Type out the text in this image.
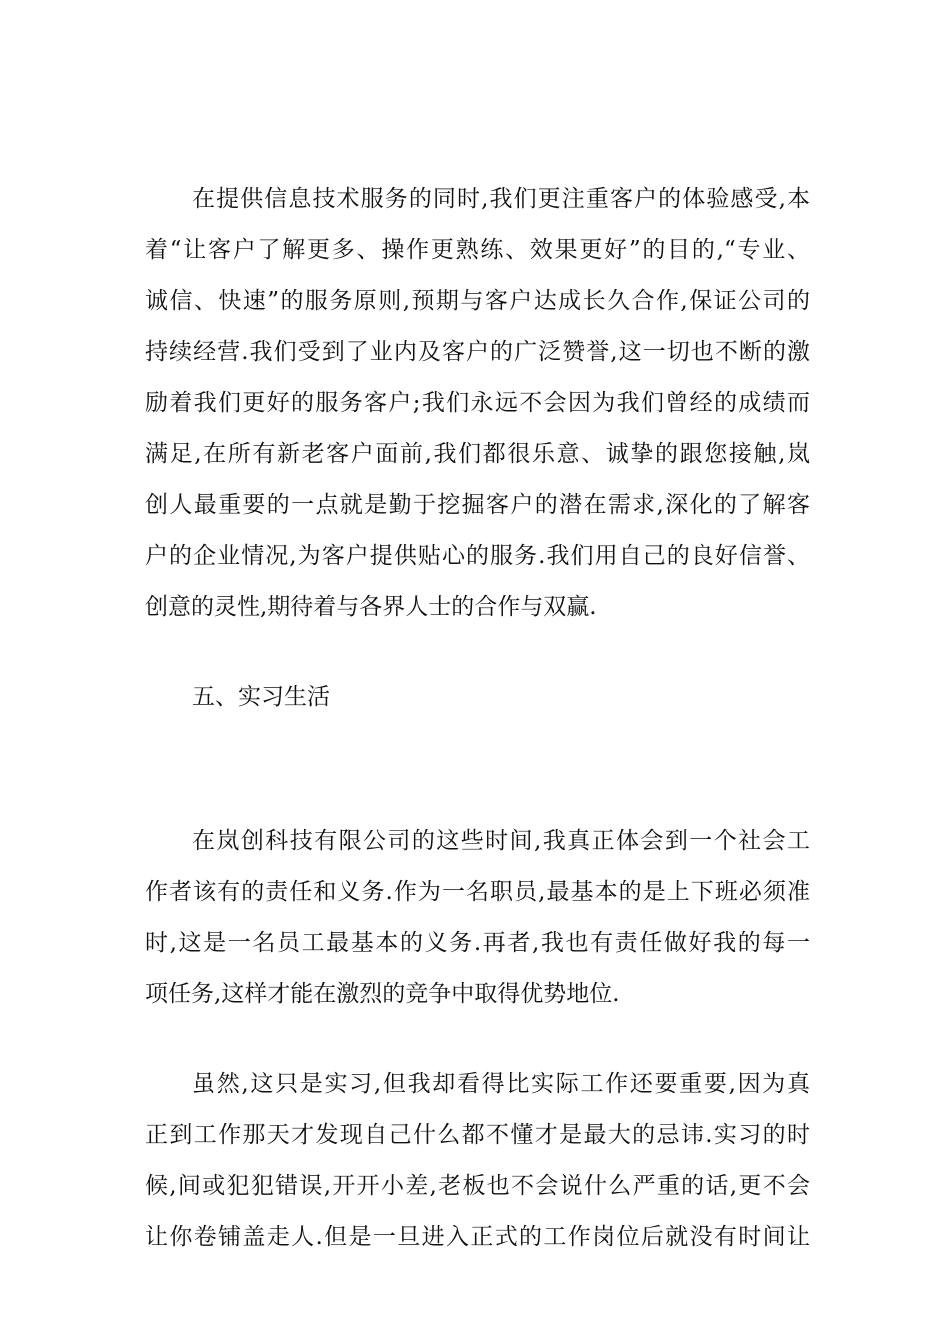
在提供信息技术服务的同时,我们更注重客户的体验感受,本
着“让客户了解更多、操作更熟练、效果更好”的目的,“专业、
诚信、快速”的服务原则,预期与客户达成长久合作,保证公司的
持续经营.我们受到了业内及客户的广泛赞誉,这一切也不断的激
励着我们更好的服务客户;我们永远不会因为我们曾经的成绩而
满足,在所有新老客户面前,我们都很乐意、诚挚的跟您接触,岚
创人最重要的一点就是勤于挖掘客户的潜在需求,深化的了解客
户的企业情况,为客户提供贴心的服务.我们用自己的良好信誉、
创意的灵性,期待着与各界人士的合作与双赢.
五、实习生活
在岚创科技有限公司的这些时间,我真正体会到一个社会工
作者该有的责任和义务.作为一名职员,最基本的是上下班必须准
时,这是一名员工最基本的义务.再者,我也有责任做好我的每一
项任务,这样才能在激烈的竞争中取得优势地位.
虽然,这只是实习,但我却看得比实际工作还要重要,因为真
正到工作那天才发现自己什么都不懂才是最大的忌讳.实习的时
候,间或犯犯错误,开开小差,老板也不会说什么严重的话,更不会
让你卷铺盖走人.但是一旦进入正式的工作岗位后就没有时间让
